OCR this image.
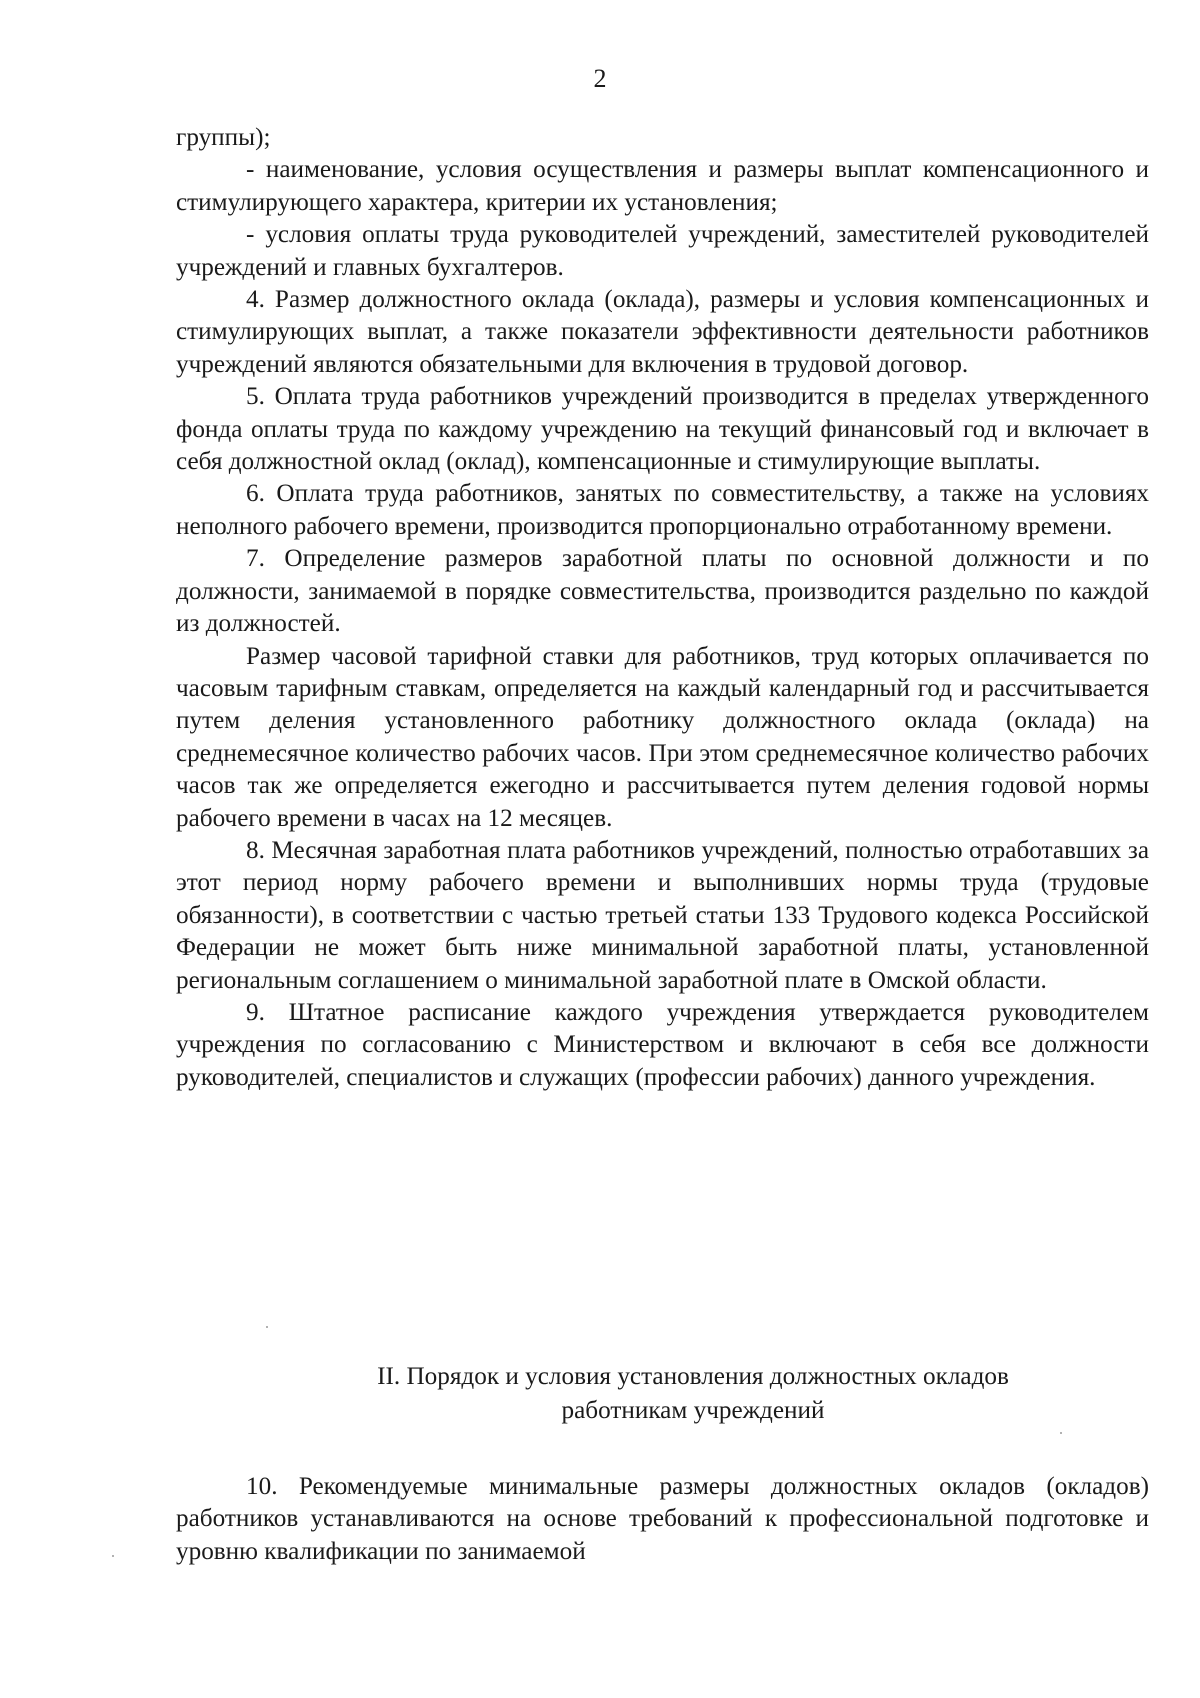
2

группы);

- наименование, условия осуществления и размеры выплат компенсационного и стимулирующего характера, критерии их установления;

- условия оплаты труда руководителей учреждений, заместителей руководителей учреждений и главных бухгалтеров.

4. Размер должностного оклада (оклада), размеры и условия компенсационных и стимулирующих выплат, а также показатели эффективности деятельности работников учреждений являются обязательными для включения в трудовой договор.

5. Оплата труда работников учреждений производится в пределах утвержденного фонда оплаты труда по каждому учреждению на текущий финансовый год и включает в себя должностной оклад (оклад), компенсационные и стимулирующие выплаты.

6. Оплата труда работников, занятых по совместительству, а также на условиях неполного рабочего времени, производится пропорционально отработанному времени.

7. Определение размеров заработной платы по основной должности и по должности, занимаемой в порядке совместительства, производится раздельно по каждой из должностей.

Размер часовой тарифной ставки для работников, труд которых оплачивается по часовым тарифным ставкам, определяется на каждый календарный год и рассчитывается путем деления установленного работнику должностного оклада (оклада) на среднемесячное количество рабочих часов. При этом среднемесячное количество рабочих часов так же определяется ежегодно и рассчитывается путем деления годовой нормы рабочего времени в часах на 12 месяцев.

8. Месячная заработная плата работников учреждений, полностью отработавших за этот период норму рабочего времени и выполнивших нормы труда (трудовые обязанности), в соответствии с частью третьей статьи 133 Трудового кодекса Российской Федерации не может быть ниже минимальной заработной платы, установленной региональным соглашением о минимальной заработной плате в Омской области.

9. Штатное расписание каждого учреждения утверждается руководителем учреждения по согласованию с Министерством и включают в себя все должности руководителей, специалистов и служащих (профессии рабочих) данного учреждения.

II. Порядок и условия установления должностных окладов
работникам учреждений

10. Рекомендуемые минимальные размеры должностных окладов (окладов) работников устанавливаются на основе требований к профессиональной подготовке и уровню квалификации по занимаемой
